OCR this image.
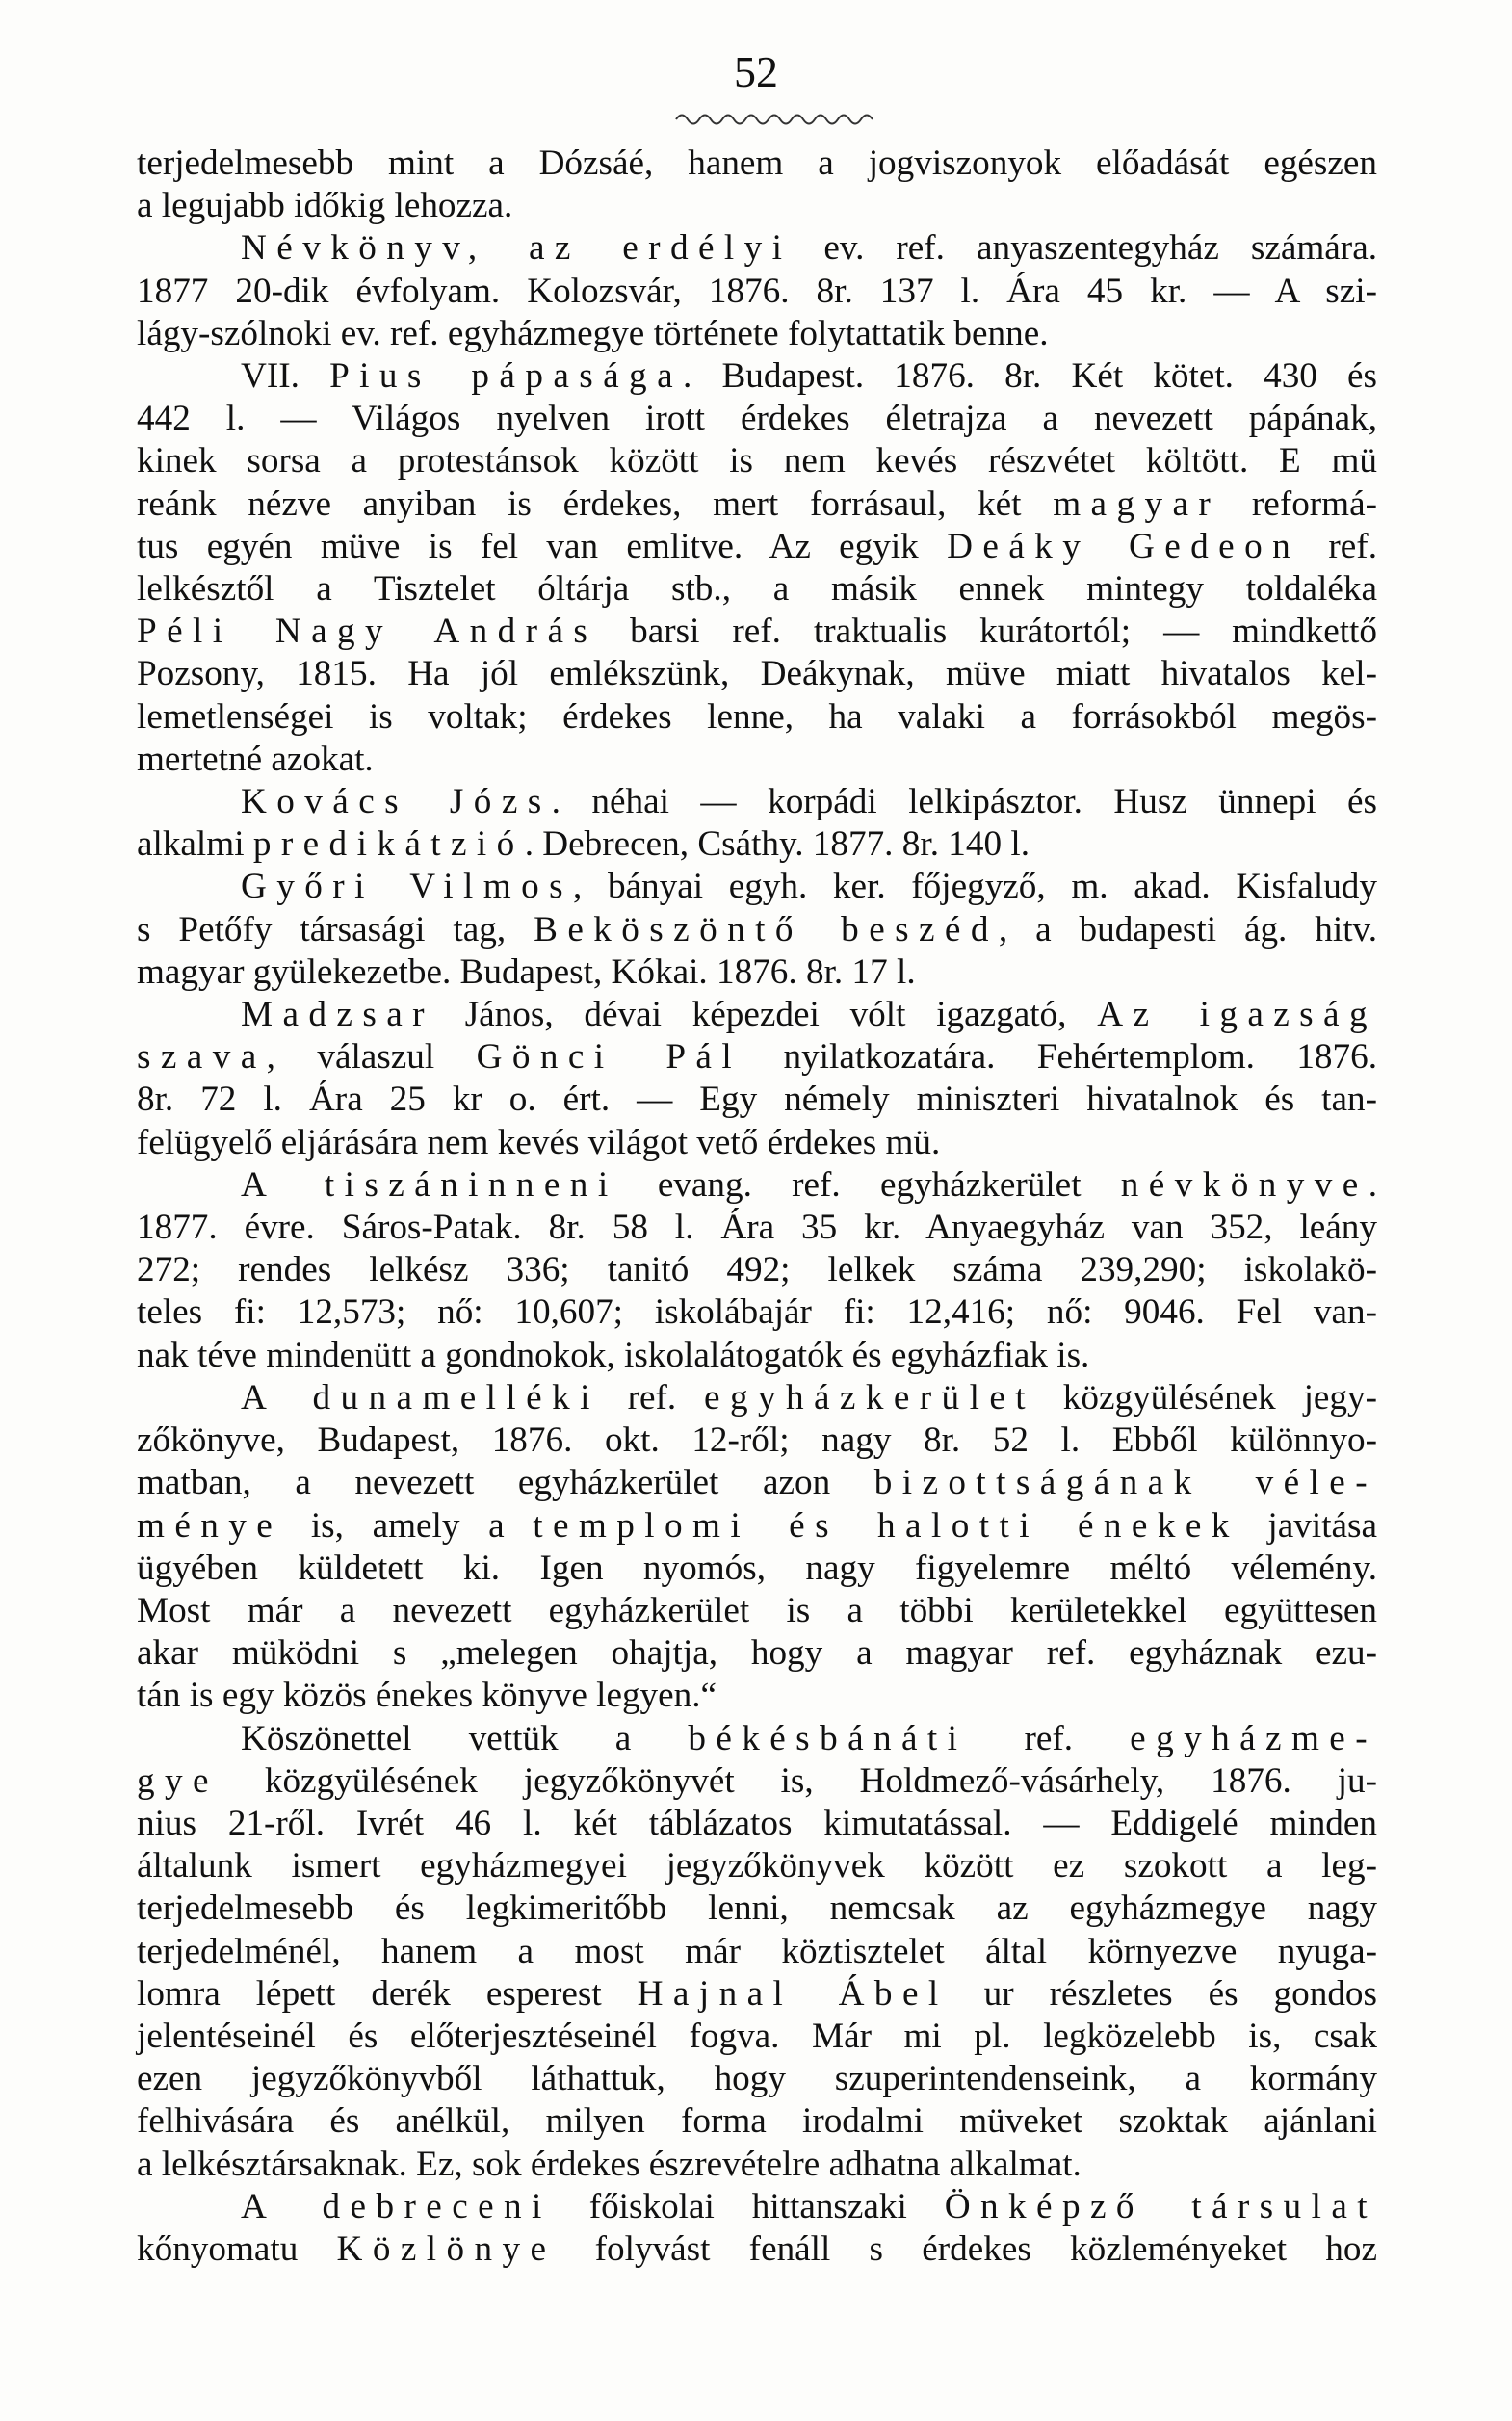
52
terjedelmesebb mint a Dózsáé, hanem a jogviszonyok előadását egészen
a legujabb időkig lehozza.
Névkönyv, az erdélyi ev. ref. anyaszentegyház számára.
1877 20-dik évfolyam. Kolozsvár, 1876. 8r. 137 l. Ára 45 kr. — A szi-
lágy-szólnoki ev. ref. egyházmegye története folytattatik benne.
VII. Pius pápasága. Budapest. 1876. 8r. Két kötet. 430 és
442 l. — Világos nyelven irott érdekes életrajza a nevezett pápának,
kinek sorsa a protestánsok között is nem kevés részvétet költött. E mü
reánk nézve anyiban is érdekes, mert forrásaul, két magyar reformá-
tus egyén müve is fel van emlitve. Az egyik Deáky Gedeon ref.
lelkésztől a Tisztelet óltárja stb., a másik ennek mintegy toldaléka
Péli Nagy András barsi ref. traktualis kurátortól; — mindkettő
Pozsony, 1815. Ha jól emlékszünk, Deákynak, müve miatt hivatalos kel-
lemetlenségei is voltak; érdekes lenne, ha valaki a forrásokból megös-
mertetné azokat.
Kovács Józs. néhai — korpádi lelkipásztor. Husz ünnepi és
alkalmi predikátzió. Debrecen, Csáthy. 1877. 8r. 140 l.
Győri Vilmos, bányai egyh. ker. főjegyző, m. akad. Kisfaludy
s Petőfy társasági tag, Beköszöntő beszéd, a budapesti ág. hitv.
magyar gyülekezetbe. Budapest, Kókai. 1876. 8r. 17 l.
Madzsar János, dévai képezdei vólt igazgató, Az igazság
szava, válaszul Gönci Pál nyilatkozatára. Fehértemplom. 1876.
8r. 72 l. Ára 25 kr o. ért. — Egy némely miniszteri hivatalnok és tan-
felügyelő eljárására nem kevés világot vető érdekes mü.
A tiszáninneni evang. ref. egyházkerület névkönyve.
1877. évre. Sáros-Patak. 8r. 58 l. Ára 35 kr. Anyaegyház van 352, leány
272; rendes lelkész 336; tanitó 492; lelkek száma 239,290; iskolakö-
teles fi: 12,573; nő: 10,607; iskolábajár fi: 12,416; nő: 9046. Fel van-
nak téve mindenütt a gondnokok, iskolalátogatók és egyházfiak is.
A dunamelléki ref. egyházkerület közgyülésének jegy-
zőkönyve, Budapest, 1876. okt. 12-ről; nagy 8r. 52 l. Ebből különnyo-
matban, a nevezett egyházkerület azon bizottságának véle-
ménye is, amely a templomi és halotti énekek javitása
ügyében küldetett ki. Igen nyomós, nagy figyelemre méltó vélemény.
Most már a nevezett egyházkerület is a többi kerületekkel együttesen
akar müködni s „melegen ohajtja, hogy a magyar ref. egyháznak ezu-
tán is egy közös énekes könyve legyen.“
Köszönettel vettük a békésbánáti ref. egyházme-
gye közgyülésének jegyzőkönyvét is, Holdmező-vásárhely, 1876. ju-
nius 21-ről. Ivrét 46 l. két táblázatos kimutatással. — Eddigelé minden
általunk ismert egyházmegyei jegyzőkönyvek között ez szokott a leg-
terjedelmesebb és legkimeritőbb lenni, nemcsak az egyházmegye nagy
terjedelménél, hanem a most már köztisztelet által környezve nyuga-
lomra lépett derék esperest Hajnal Ábel ur részletes és gondos
jelentéseinél és előterjesztéseinél fogva. Már mi pl. legközelebb is, csak
ezen jegyzőkönyvből láthattuk, hogy szuperintendenseink, a kormány
felhivására és anélkül, milyen forma irodalmi müveket szoktak ajánlani
a lelkésztársaknak. Ez, sok érdekes észrevételre adhatna alkalmat.
A debreceni főiskolai hittanszaki Önképző társulat
kőnyomatu Közlönye folyvást fenáll s érdekes közleményeket hoz
